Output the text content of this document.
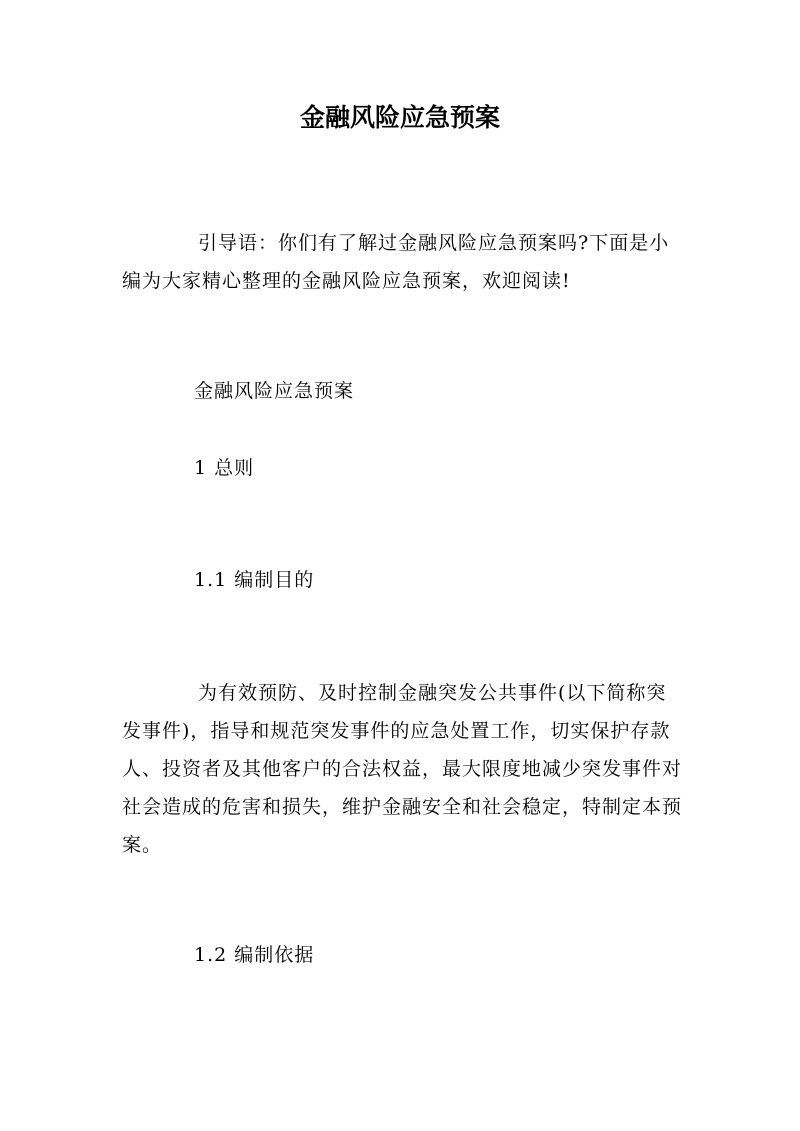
金融风险应急预案

引导语：你们有了解过金融风险应急预案吗?下面是小编为大家精心整理的金融风险应急预案，欢迎阅读!

金融风险应急预案

1 总则

1.1 编制目的

为有效预防、及时控制金融突发公共事件(以下简称突发事件)，指导和规范突发事件的应急处置工作，切实保护存款人、投资者及其他客户的合法权益，最大限度地减少突发事件对社会造成的危害和损失，维护金融安全和社会稳定，特制定本预案。

1.2 编制依据
